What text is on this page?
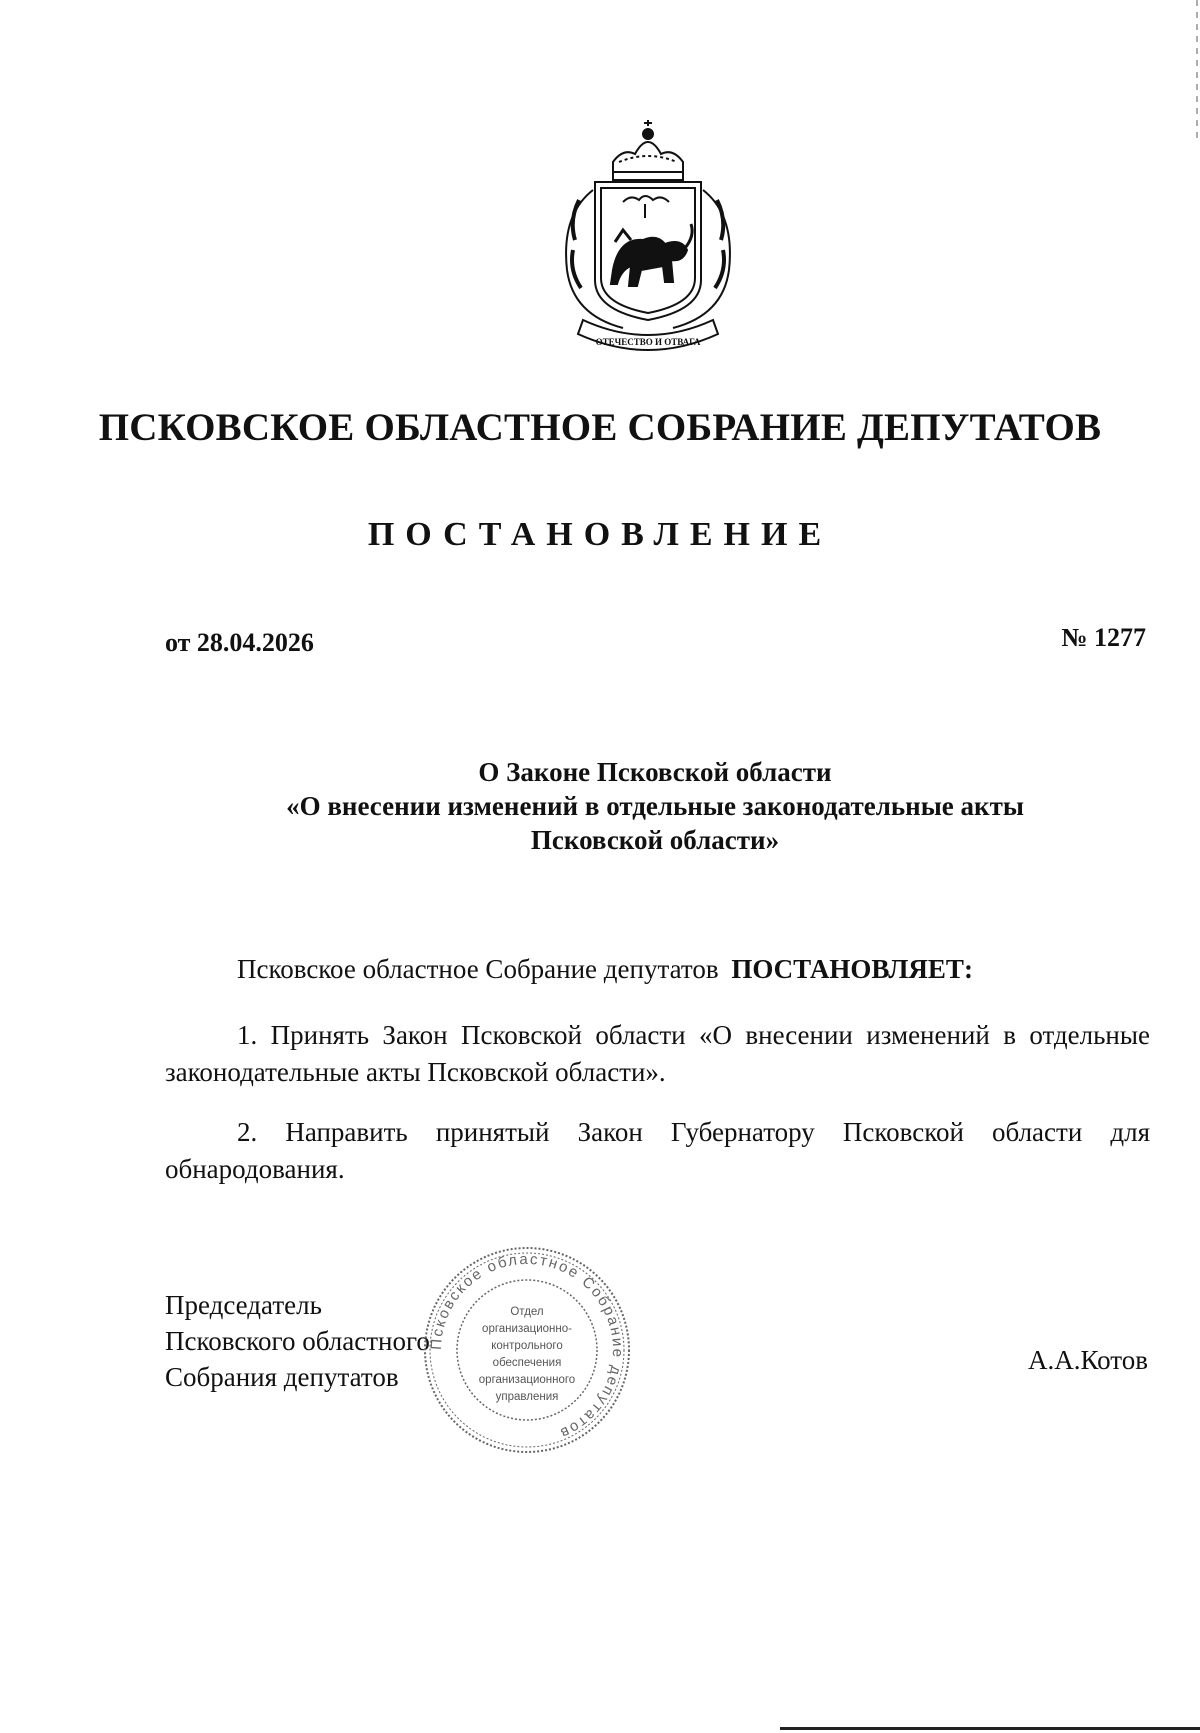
ОТЕЧЕСТВО И ОТВАГА
ПСКОВСКОЕ ОБЛАСТНОЕ СОБРАНИЕ ДЕПУТАТОВ
ПОСТАНОВЛЕНИЕ
от 28.04.2026	№ 1277
О Законе Псковской области
«О внесении изменений в отдельные законодательные акты
Псковской области»
Псковское областное Собрание депутатов ПОСТАНОВЛЯЕТ:
1. Принять Закон Псковской области «О внесении изменений в отдельные законодательные акты Псковской области».
2. Направить принятый Закон Губернатору Псковской области для обнародования.
Председатель
Псковского областного
Собрания депутатов
А.А.Котов
Псковское областное Собрание депутатов
Отдел
организационно-
контрольного
обеспечения
организационного
управления
